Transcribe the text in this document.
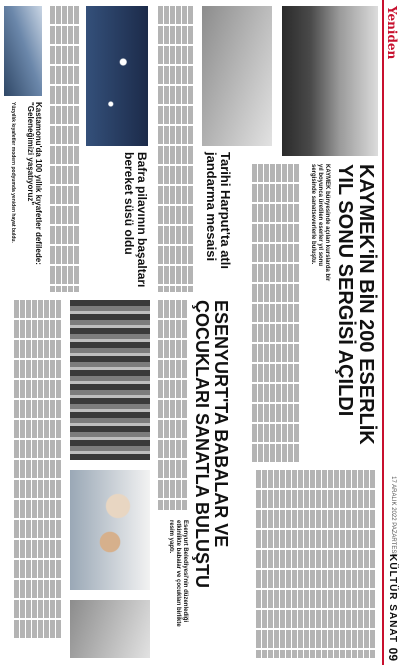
Yeniden
17 ARALIK 2022 PAZARTESİ
KÜLTÜR SANAT
09
KAYMEK'İN BİN 200 ESERLİK YIL SONU SERGİSİ AÇILDI
KAYMEK bünyesinde açılan kurslarda bir yıl boyunca üretilen eserler yıl sonu sergisinde sanatseverlerle buluştu.
ESENYURT'TA BABALAR VE ÇOCUKLARI SANATLA BULUŞTU
Esenyurt Belediyesi'nin düzenlediği etkinlikte babalar ve çocukları birlikte resim yaptı.
Tarihi Harput'ta atlı jandarma mesaisi
Bafra pilavının başaltarı bereket süsü oldu
Kastamonu'da 100 yıllık kıyafetler defilede: "Geleneğimizi yaşatıyoruz"
Yüzyıllık kıyafetler modern podyumda yeniden hayat buldu.
